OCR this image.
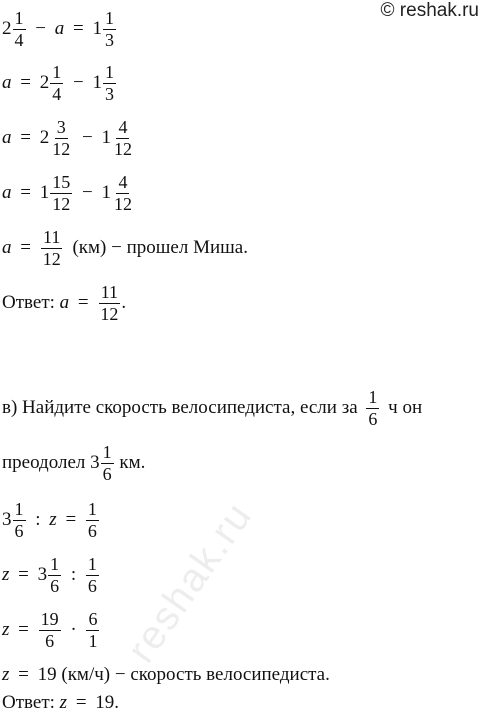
© reshak.ru
reshak.ru
$2 \frac{1}{4} - a = 1 \frac{1}{3}$
$a = 2 \frac{1}{4} - 1 \frac{1}{3}$
$a = 2 \frac{3}{12} - 1 \frac{4}{12}$
$a = 1 \frac{15}{12} - 1 \frac{4}{12}$
$a = \frac{11}{12} (км)$ − прошел Миша.
Ответ: $a = \frac{11}{12}$ .
в) Найдите скорость велосипедиста, если за $\frac{1}{6}$ ч он
преодолел $3 \frac{1}{6}$ км.
$3 \frac{1}{6}$ : $z = \frac{1}{6}$
$z = 3 \frac{1}{6}$ : $\frac{1}{6}$
$z = \frac{19}{6} \cdot \frac{6}{1}$
z = 19 (км/ч) − скорость велосипедиста.
Ответ: z = 19.
